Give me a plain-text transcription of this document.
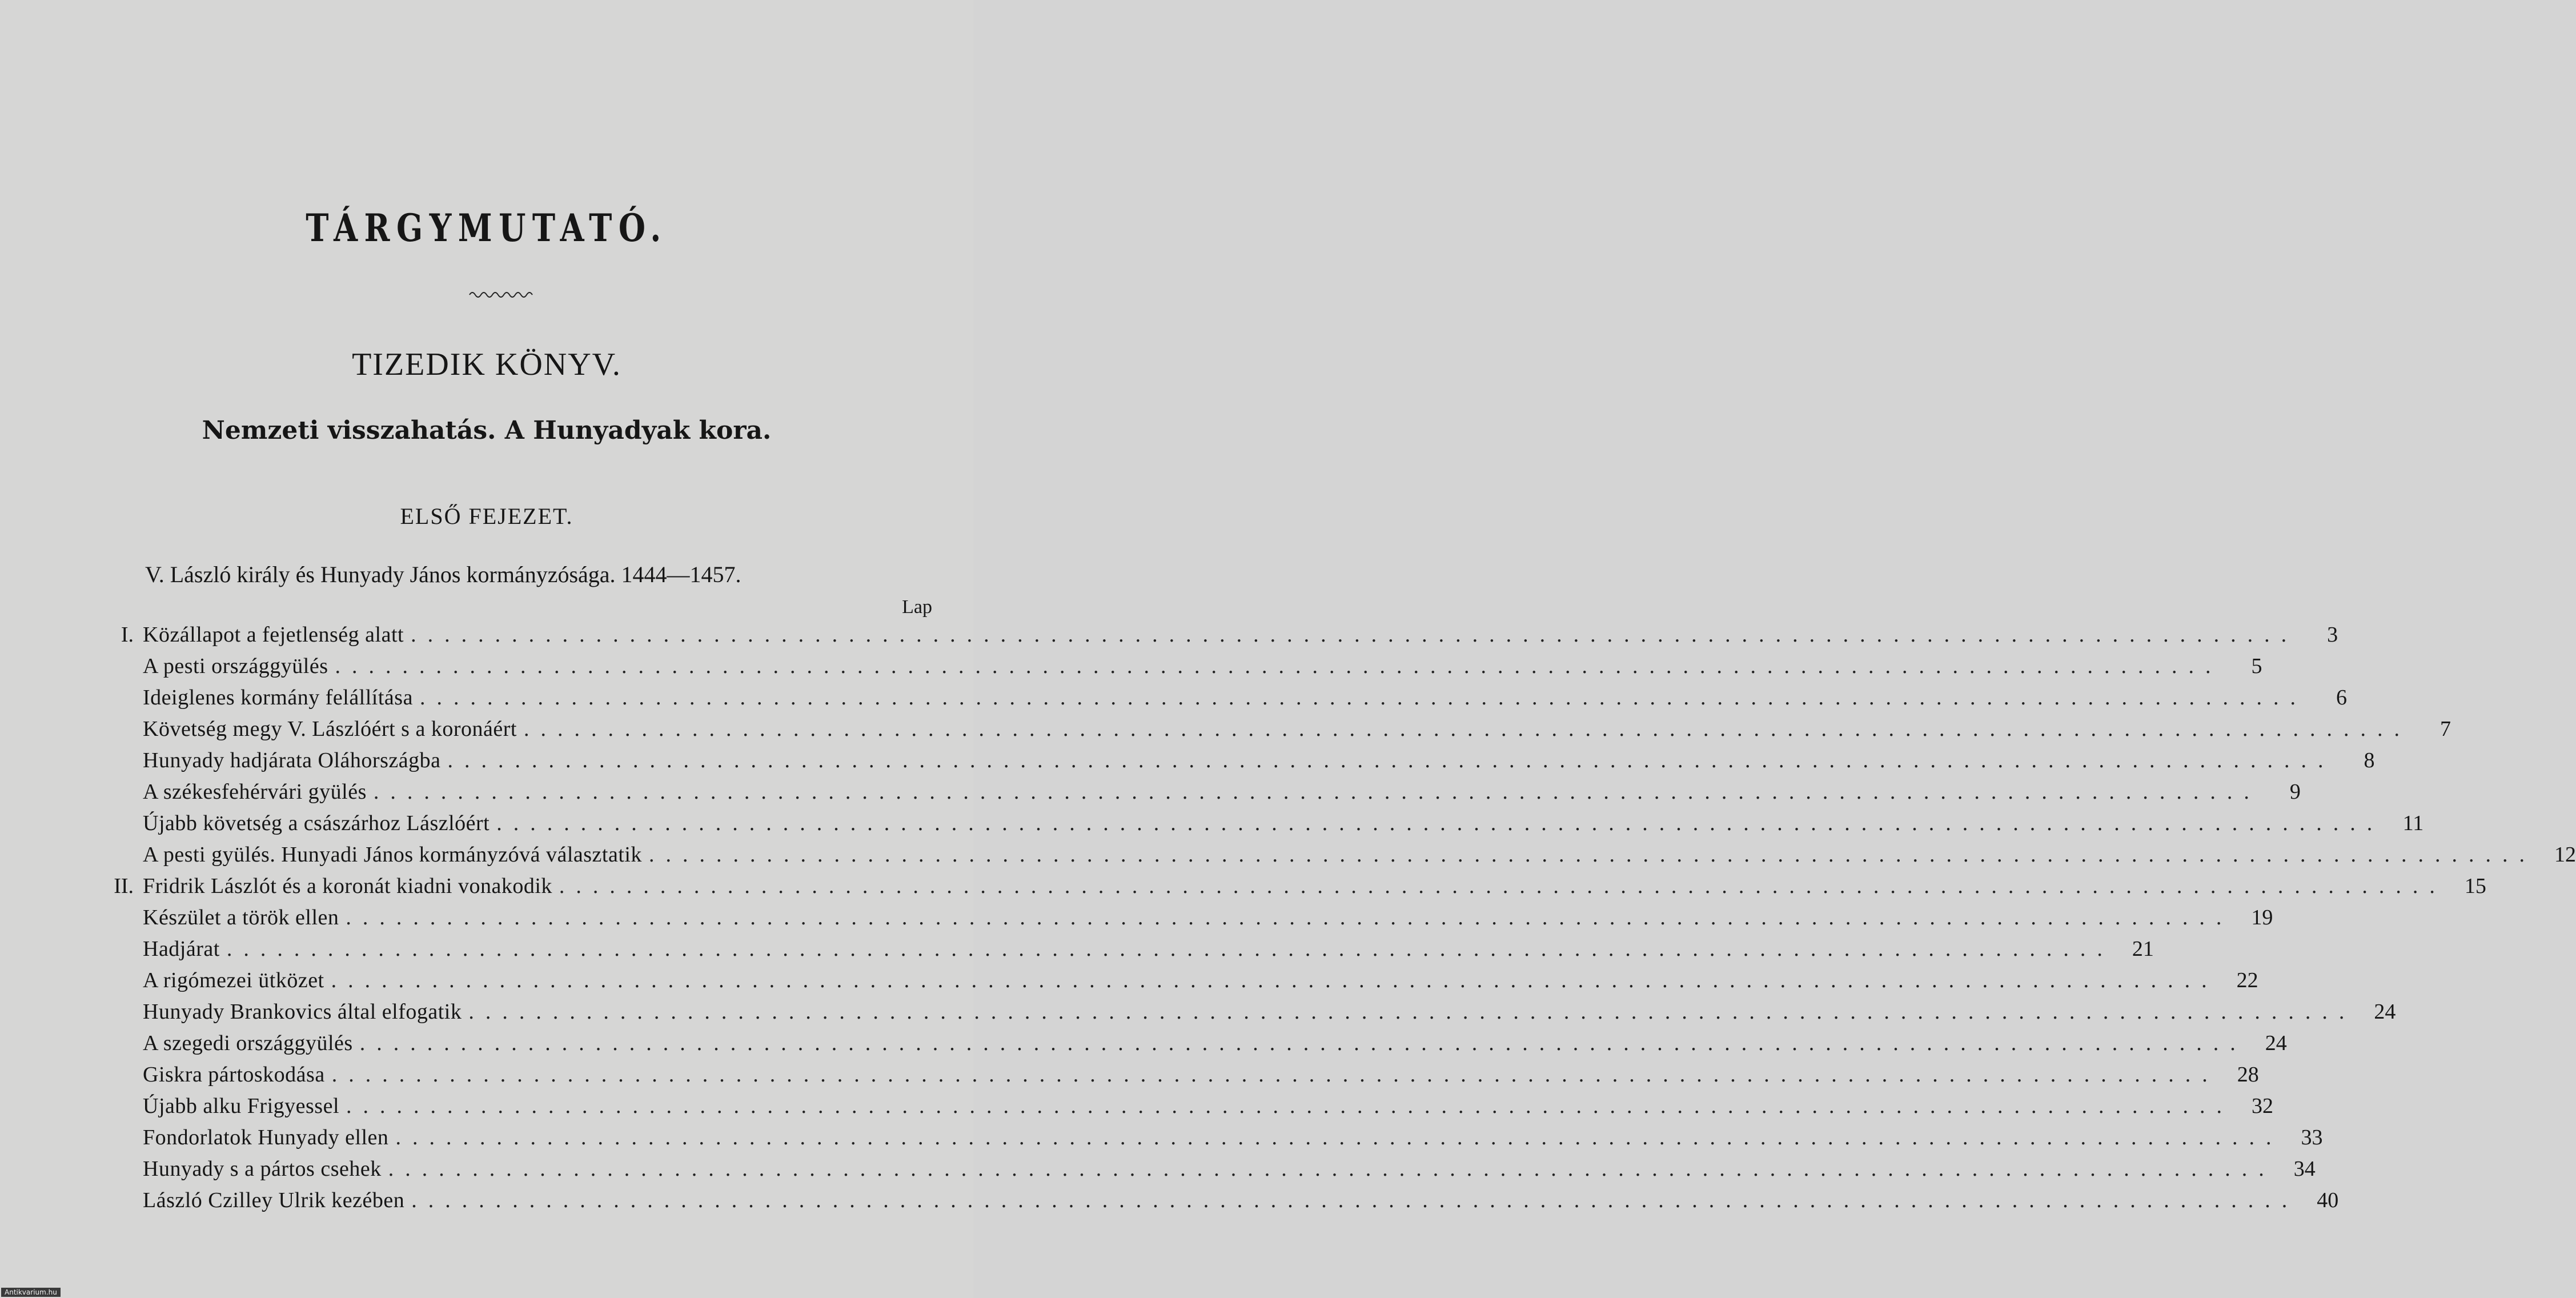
TÁRGYMUTATÓ.
TIZEDIK KÖNYV.
Nemzeti visszahatás. A Hunyadyak kora.
ELSŐ FEJEZET.
V. László király és Hunyady János kormányzósága. 1444—1457.
Lap
I. Közállapot a fejetlenség alatt ................................................................................................................	3
A pesti országgyülés ................................................................................................................	5
Ideiglenes kormány felállítása ................................................................................................................	6
Követség megy V. Lászlóért s a koronáért ................................................................................................................	7
Hunyady hadjárata Oláhországba ................................................................................................................	8
A székesfehérvári gyülés ................................................................................................................	9
Újabb követség a császárhoz Lászlóért ................................................................................................................ 11
A pesti gyülés. Hunyadi János kormányzóvá választatik ................................................................................................................ 12
II. Fridrik Lászlót és a koronát kiadni vonakodik ................................................................................................................ 15
Készület a török ellen ................................................................................................................ 19
Hadjárat ................................................................................................................ 21
A rigómezei ütközet ................................................................................................................ 22
Hunyady Brankovics által elfogatik ................................................................................................................ 24
A szegedi országgyülés ................................................................................................................ 24
Giskra pártoskodása ................................................................................................................ 28
Újabb alku Frigyessel ................................................................................................................ 32
Fondorlatok Hunyady ellen ................................................................................................................ 33
Hunyady s a pártos csehek ................................................................................................................ 34
László Czilley Ulrik kezében ................................................................................................................ 40
Antikvarium.hu
